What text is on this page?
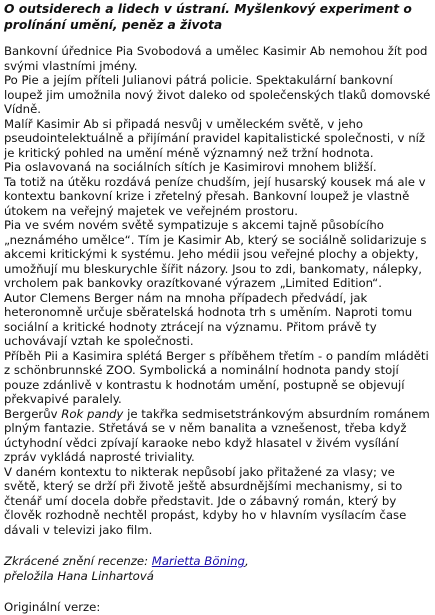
O outsiderech a lidech v ústraní. Myšlenkový experiment o prolínání umění, peněz a života

Bankovní úřednice Pia Svobodová a umělec Kasimir Ab nemohou žít pod svými vlastními jmény.

Po Pie a jejím příteli Julianovi pátrá policie. Spektakulární bankovní loupež jim umožnila nový život daleko od společenských tlaků domovské Vídně.

Malíř Kasimir Ab si připadá nesvůj v uměleckém světě, v jeho pseudointelektuálně a přijímání pravidel kapitalistické společnosti, v níž je kritický pohled na umění méně významný než tržní hodnota.

Pia oslavovaná na sociálních sítích je Kasimirovi mnohem bližší.

Ta totiž na útěku rozdává peníze chudším, její husarský kousek má ale v kontextu bankovní krize i zřetelný přesah. Bankovní loupež je vlastně útokem na veřejný majetek ve veřejném prostoru.

Pia ve svém novém světě sympatizuje s akcemi tajně působícího „neznámého umělce“. Tím je Kasimir Ab, který se sociálně solidarizuje s akcemi kritickými k systému. Jeho médii jsou veřejné plochy a objekty, umožňují mu bleskurychle šířit názory. Jsou to zdi, bankomaty, nálepky, vrcholem pak bankovky orazítkované výrazem „Limited Edition“.

Autor Clemens Berger nám na mnoha případech předvádí, jak heteronomně určuje sběratelská hodnota trh s uměním. Naproti tomu sociální a kritické hodnoty ztrácejí na významu. Přitom právě ty uchovávají vztah ke společnosti.

Příběh Pii a Kasimira splétá Berger s příběhem třetím - o pandím mláděti z schönbrunnské ZOO. Symbolická a nominální hodnota pandy stojí pouze zdánlivě v kontrastu k hodnotám umění, postupně se objevují překvapivé paralely.

Bergerův Rok pandy je takřka sedmisetstránkovým absurdním románem plným fantazie. Střetává se v něm banalita a vznešenost, třeba když úctyhodní vědci zpívají karaoke nebo když hlasatel v živém vysílání zpráv vykládá naprosté triviality.

V daném kontextu to nikterak nepůsobí jako přitažené za vlasy; ve světě, který se drží při životě ještě absurdnějšími mechanismy, si to čtenář umí docela dobře představit. Jde o zábavný román, který by člověk rozhodně nechtěl propást, kdyby ho v hlavním vysílacím čase dávali v televizi jako film.

Zkrácené znění recenze: Marietta Böning,
přeložila Hana Linhartová
Originální verze:
